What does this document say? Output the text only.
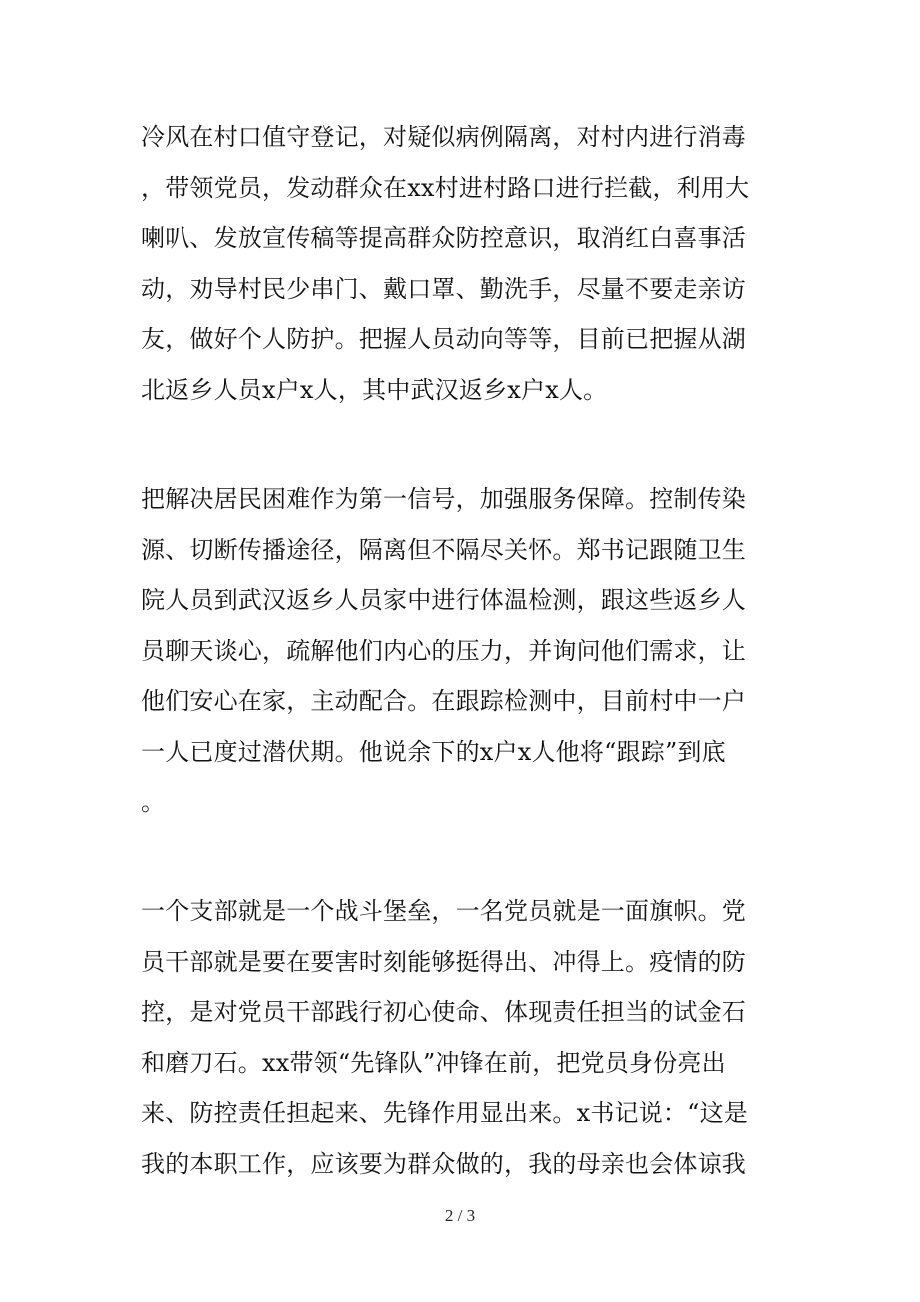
冷风在村口值守登记，对疑似病例隔离，对村内进行消毒
，带领党员，发动群众在xx村进村路口进行拦截，利用大
喇叭、发放宣传稿等提高群众防控意识，取消红白喜事活
动，劝导村民少串门、戴口罩、勤洗手，尽量不要走亲访
友，做好个人防护。把握人员动向等等，目前已把握从湖
北返乡人员x户x人，其中武汉返乡x户x人。
把解决居民困难作为第一信号，加强服务保障。控制传染
源、切断传播途径，隔离但不隔尽关怀。郑书记跟随卫生
院人员到武汉返乡人员家中进行体温检测，跟这些返乡人
员聊天谈心，疏解他们内心的压力，并询问他们需求，让
他们安心在家，主动配合。在跟踪检测中，目前村中一户
一人已度过潜伏期。他说余下的x户x人他将“跟踪”到底
。
一个支部就是一个战斗堡垒，一名党员就是一面旗帜。党
员干部就是要在要害时刻能够挺得出、冲得上。疫情的防
控，是对党员干部践行初心使命、体现责任担当的试金石
和磨刀石。xx带领“先锋队”冲锋在前，把党员身份亮出
来、防控责任担起来、先锋作用显出来。x书记说：“这是
我的本职工作，应该要为群众做的，我的母亲也会体谅我
2 / 3
